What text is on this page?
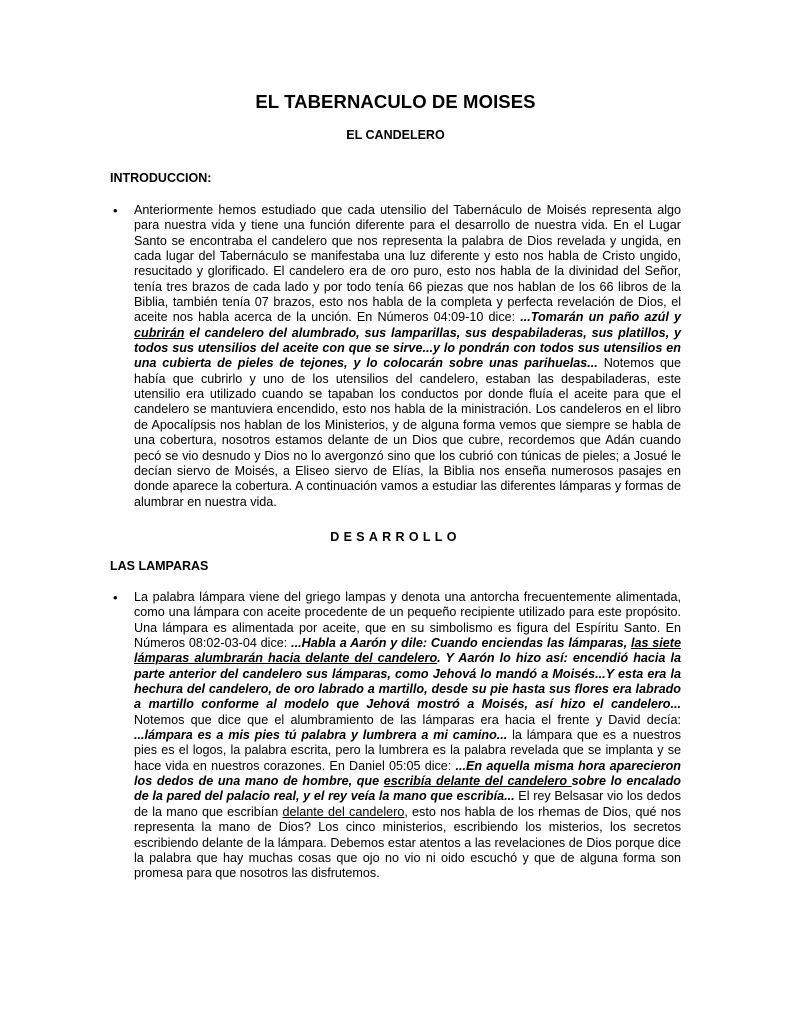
EL TABERNACULO DE MOISES
EL CANDELERO
INTRODUCCION:
• Anteriormente hemos estudiado que cada utensilio del Tabernáculo de Moisés representa algo para nuestra vida y tiene una función diferente para el desarrollo de nuestra vida. En el Lugar Santo se encontraba el candelero que nos representa la palabra de Dios revelada y ungida, en cada lugar del Tabernáculo se manifestaba una luz diferente y esto nos habla de Cristo ungido, resucitado y glorificado. El candelero era de oro puro, esto nos habla de la divinidad del Señor, tenía tres brazos de cada lado y por todo tenía 66 piezas que nos hablan de los 66 libros de la Biblia, también tenía 07 brazos, esto nos habla de la completa y perfecta revelación de Dios, el aceite nos habla acerca de la unción. En Números 04:09-10 dice: ...Tomarán un paño azúl y cubrirán el candelero del alumbrado, sus lamparillas, sus despabiladeras, sus platillos, y todos sus utensilios del aceite con que se sirve...y lo pondrán con todos sus utensilios en una cubierta de pieles de tejones, y lo colocarán sobre unas parihuelas... Notemos que había que cubrirlo y uno de los utensilios del candelero, estaban las despabiladeras, este utensilio era utilizado cuando se tapaban los conductos por donde fluía el aceite para que el candelero se mantuviera encendido, esto nos habla de la ministración. Los candeleros en el libro de Apocalípsis nos hablan de los Ministerios, y de alguna forma vemos que siempre se habla de una cobertura, nosotros estamos delante de un Dios que cubre, recordemos que Adán cuando pecó se vio desnudo y Dios no lo avergonzó sino que los cubrió con túnicas de pieles; a Josué le decían siervo de Moisés, a Eliseo siervo de Elías, la Biblia nos enseña numerosos pasajes en donde aparece la cobertura. A continuación vamos a estudiar las diferentes lámparas y formas de alumbrar en nuestra vida.

DESARROLLO
LAS LAMPARAS
• La palabra lámpara viene del griego lampas y denota una antorcha frecuentemente alimentada, como una lámpara con aceite procedente de un pequeño recipiente utilizado para este propósito. Una lámpara es alimentada por aceite, que en su simbolismo es figura del Espíritu Santo. En Números 08:02-03-04 dice: ...Habla a Aarón y dile: Cuando enciendas las lámparas, las siete lámparas alumbrarán hacia delante del candelero. Y Aarón lo hizo así: encendió hacia la parte anterior del candelero sus lámparas, como Jehová lo mandó a Moisés...Y esta era la hechura del candelero, de oro labrado a martillo, desde su pie hasta sus flores era labrado a martillo conforme al modelo que Jehová mostró a Moisés, así hizo el candelero... Notemos que dice que el alumbramiento de las lámparas era hacia el frente y David decía: ...lámpara es a mis pies tú palabra y lumbrera a mi camino... la lámpara que es a nuestros pies es el logos, la palabra escrita, pero la lumbrera es la palabra revelada que se implanta y se hace vida en nuestros corazones. En Daniel 05:05 dice: ...En aquella misma hora aparecieron los dedos de una mano de hombre, que escribía delante del candelero sobre lo encalado de la pared del palacio real, y el rey veía la mano que escribía... El rey Belsasar vio los dedos de la mano que escribían delante del candelero, esto nos habla de los rhemas de Dios, qué nos representa la mano de Dios? Los cinco ministerios, escribiendo los misterios, los secretos escribiendo delante de la lámpara. Debemos estar atentos a las revelaciones de Dios porque dice la palabra que hay muchas cosas que ojo no vio ni oido escuchó y que de alguna forma son promesa para que nosotros las disfrutemos.
